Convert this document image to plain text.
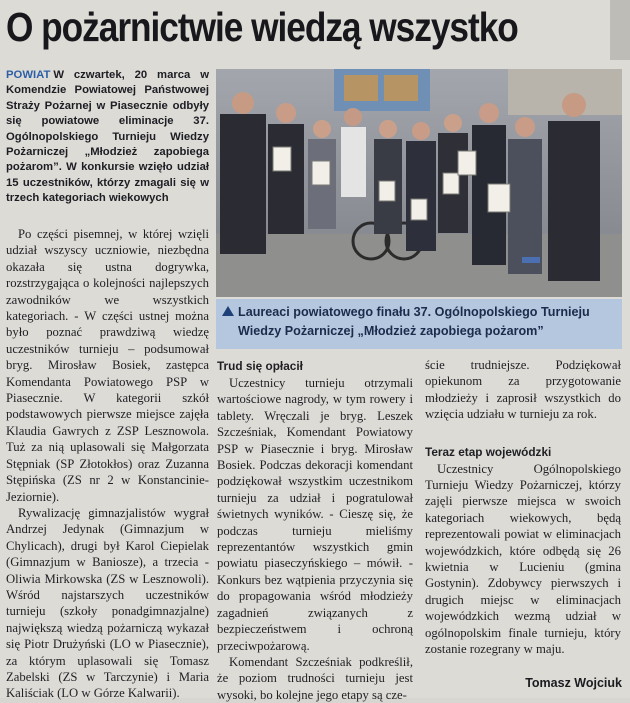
O pożarnictwie wiedzą wszystko
POWIAT W czwartek, 20 marca w Komendzie Powiatowej Państwowej Straży Pożarnej w Piasecznie odbyły się powiatowe eliminacje 37. Ogólnopolskiego Turnieju Wiedzy Pożarniczej „Młodzież zapobiega pożarom”. W konkursie wzięło udział 15 uczestników, którzy zmagali się w trzech kategoriach wiekowych

Po części pisemnej, w której wzięli udział wszyscy uczniowie, niezbędna okazała się ustna dogrywka, rozstrzygająca o kolejności najlepszych zawodników we wszystkich kategoriach. - W części ustnej można było poznać prawdziwą wiedzę uczestników turnieju – podsumował bryg. Mirosław Bosiek, zastępca Komendanta Powiatowego PSP w Piasecznie. W kategorii szkół podstawowych pierwsze miejsce zajęła Klaudia Gawrych z ZSP Lesznowola. Tuż za nią uplasowali się Małgorzata Stępniak (SP Złotokłos) oraz Zuzanna Stępińska (ZS nr 2 w Konstancinie-Jeziornie).

Rywalizację gimnazjalistów wygrał Andrzej Jedynak (Gimnazjum w Chylicach), drugi był Karol Ciepielak (Gimnazjum w Baniosze), a trzecia - Oliwia Mirkowska (ZS w Lesznowoli). Wśród najstarszych uczestników turnieju (szkoły ponadgimnazjalne) największą wiedzą pożarniczą wykazał się Piotr Drużyński (LO w Piasecznie), za którym uplasowali się Tomasz Zabelski (ZS w Tarczynie) i Maria Kaliściak (LO w Górze Kalwarii).

Laureaci powiatowego finału 37. Ogólnopolskiego Turnieju Wiedzy Pożarniczej „Młodzież zapobiega pożarom”
Trud się opłacił

Uczestnicy turnieju otrzymali wartościowe nagrody, w tym rowery i tablety. Wręczali je bryg. Leszek Szcześniak, Komendant Powiatowy PSP w Piasecznie i bryg. Mirosław Bosiek. Podczas dekoracji komendant podziękował wszystkim uczestnikom turnieju za udział i pogratulował świetnych wyników. - Cieszę się, że podczas turnieju mieliśmy reprezentantów wszystkich gmin powiatu piaseczyńskiego – mówił. - Konkurs bez wątpienia przyczynia się do propagowania wśród młodzieży zagadnień związanych z bezpieczeństwem i ochroną przeciwpożarową.

Komendant Szcześniak podkreślił, że poziom trudności turnieju jest wysoki, bo kolejne jego etapy są cze-

ście trudniejsze. Podziękował opiekunom za przygotowanie młodzieży i zaprosił wszystkich do wzięcia udziału w turnieju za rok.

Teraz etap wojewódzki

Uczestnicy Ogólnopolskiego Turnieju Wiedzy Pożarniczej, którzy zajęli pierwsze miejsca w swoich kategoriach wiekowych, będą reprezentowali powiat w eliminacjach wojewódzkich, które odbędą się 26 kwietnia w Lucieniu (gmina Gostynin). Zdobywcy pierwszych i drugich miejsc w eliminacjach wojewódzkich wezmą udział w ogólnopolskim finale turnieju, który zostanie rozegrany w maju.

Tomasz Wojciuk
